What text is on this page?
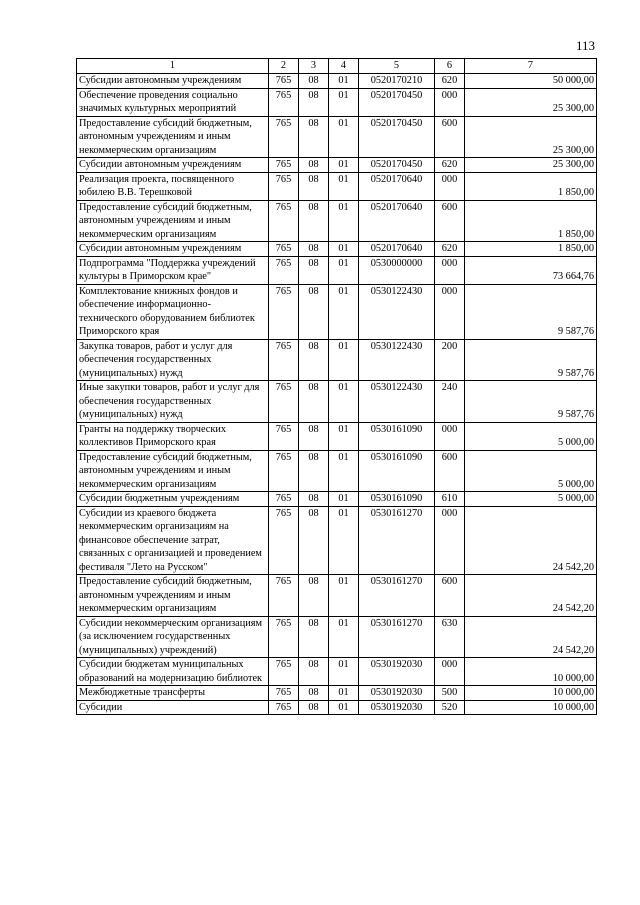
113
1	2	3	4	5	6	7
Субсидии автономным учреждениям	765	08	01	0520170210	620	50 000,00
Обеспечение проведения социально значимых культурных мероприятий	765	08	01	0520170450	000	25 300,00
Предоставление субсидий бюджетным, автономным учреждениям и иным некоммерческим организациям	765	08	01	0520170450	600	25 300,00
Субсидии автономным учреждениям	765	08	01	0520170450	620	25 300,00
Реализация проекта, посвященного юбилею В.В. Терешковой	765	08	01	0520170640	000	1 850,00
Предоставление субсидий бюджетным, автономным учреждениям и иным некоммерческим организациям	765	08	01	0520170640	600	1 850,00
Субсидии автономным учреждениям	765	08	01	0520170640	620	1 850,00
Подпрограмма "Поддержка учреждений культуры в Приморском крае"	765	08	01	0530000000	000	73 664,76
Комплектование книжных фондов и обеспечение информационно-технического оборудованием библиотек Приморского края	765	08	01	0530122430	000	9 587,76
Закупка товаров, работ и услуг для обеспечения государственных (муниципальных) нужд	765	08	01	0530122430	200	9 587,76
Иные закупки товаров, работ и услуг для обеспечения государственных (муниципальных) нужд	765	08	01	0530122430	240	9 587,76
Гранты на поддержку творческих коллективов Приморского края	765	08	01	0530161090	000	5 000,00
Предоставление субсидий бюджетным, автономным учреждениям и иным некоммерческим организациям	765	08	01	0530161090	600	5 000,00
Субсидии бюджетным учреждениям	765	08	01	0530161090	610	5 000,00
Субсидии из краевого бюджета некоммерческим организациям на финансовое обеспечение затрат, связанных с организацией и проведением фестиваля "Лето на Русском"	765	08	01	0530161270	000	24 542,20
Предоставление субсидий бюджетным, автономным учреждениям и иным некоммерческим организациям	765	08	01	0530161270	600	24 542,20
Субсидии некоммерческим организациям (за исключением государственных (муниципальных) учреждений)	765	08	01	0530161270	630	24 542,20
Субсидии бюджетам муниципальных образований на модернизацию библиотек	765	08	01	0530192030	000	10 000,00
Межбюджетные трансферты	765	08	01	0530192030	500	10 000,00
Субсидии	765	08	01	0530192030	520	10 000,00
